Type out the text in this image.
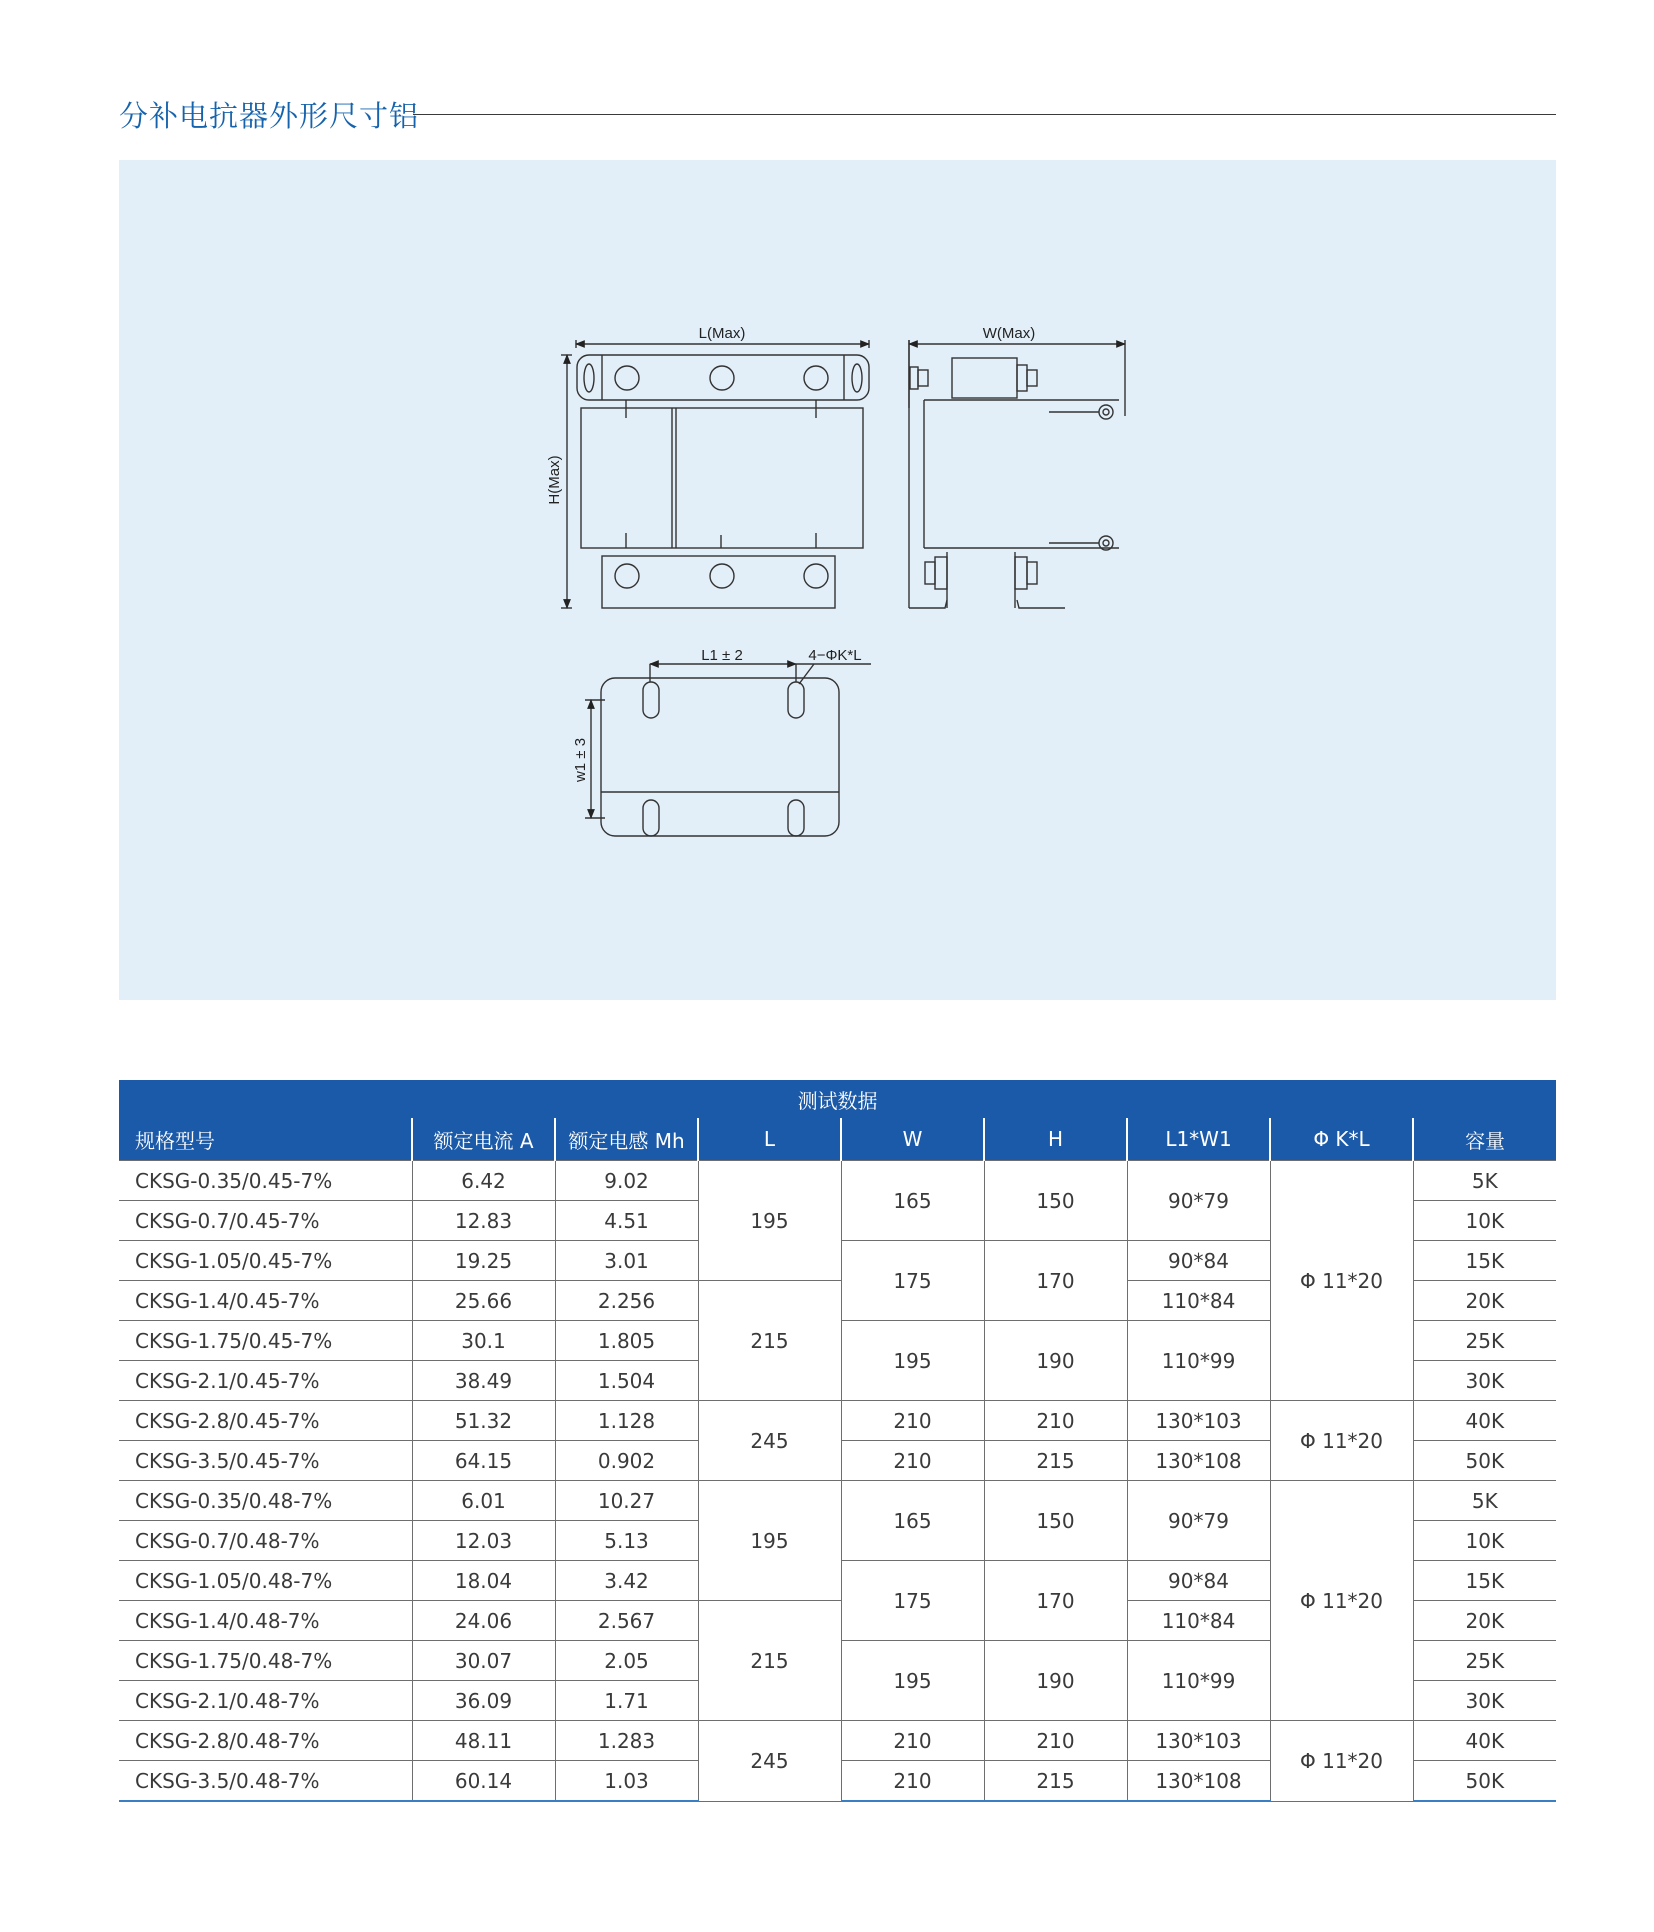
分补电抗器外形尺寸铝
L(Max)
H(Max)
W(Max)
L1 ± 2	4−ΦK*L
w1 ± 3
测试数据								
规格型号	额定电流 A	额定电感 Mh	L	W	H	L1*W1	Φ K*L	容量
CKSG-0.35/0.45-7%	6.42	9.02	195	165	150	90*79	Φ 11*20	5K
CKSG-0.7/0.45-7%	12.83	4.51						10K
CKSG-1.05/0.45-7%	19.25	3.01		175	170	90*84		15K
CKSG-1.4/0.45-7%	25.66	2.256	215			110*84		20K
CKSG-1.75/0.45-7%	30.1	1.805		195	190	110*99		25K
CKSG-2.1/0.45-7%	38.49	1.504						30K
CKSG-2.8/0.45-7%	51.32	1.128	245	210	210	130*103	Φ 11*20	40K
CKSG-3.5/0.45-7%	64.15	0.902		210	215	130*108		50K
CKSG-0.35/0.48-7%	6.01	10.27	195	165	150	90*79	Φ 11*20	5K
CKSG-0.7/0.48-7%	12.03	5.13						10K
CKSG-1.05/0.48-7%	18.04	3.42		175	170	90*84		15K
CKSG-1.4/0.48-7%	24.06	2.567	215			110*84		20K
CKSG-1.75/0.48-7%	30.07	2.05		195	190	110*99		25K
CKSG-2.1/0.48-7%	36.09	1.71						30K
CKSG-2.8/0.48-7%	48.11	1.283	245	210	210	130*103	Φ 11*20	40K
CKSG-3.5/0.48-7%	60.14	1.03		210	215	130*108		50K
